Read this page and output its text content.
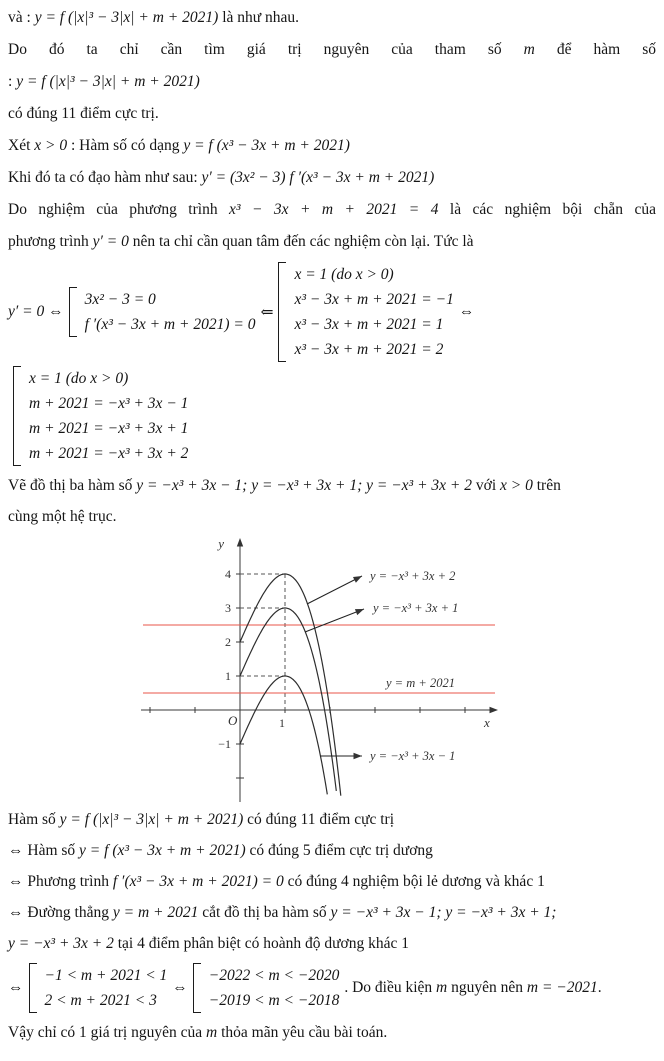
và : y = f (|x|³ − 3|x| + m + 2021) là như nhau.
Do đó ta chỉ cần tìm giá trị nguyên của tham số m để hàm số
: y = f (|x|³ − 3|x| + m + 2021)
có đúng 11 điểm cực trị.
Xét x > 0 : Hàm số có dạng y = f (x³ − 3x + m + 2021)
Khi đó ta có đạo hàm như sau: y′ = (3x² − 3) f ′(x³ − 3x + m + 2021)
Do nghiệm của phương trình x³ − 3x + m + 2021 = 4 là các nghiệm bội chẵn của
phương trình y′ = 0 nên ta chỉ cần quan tâm đến các nghiệm còn lại. Tức là
y′ = 0 ⇔
3x² − 3 = 0
f ′(x³ − 3x + m + 2021) = 0
⇐
x = 1 (do x > 0)
x³ − 3x + m + 2021 = −1
x³ − 3x + m + 2021 = 1
x³ − 3x + m + 2021 = 2
⇔
x = 1 (do x > 0)
m + 2021 = −x³ + 3x − 1
m + 2021 = −x³ + 3x + 1
m + 2021 = −x³ + 3x + 2
Vẽ đồ thị ba hàm số y = −x³ + 3x − 1; y = −x³ + 3x + 1; y = −x³ + 3x + 2 với x > 0 trên
cùng một hệ trục.
1
4
3
2
1
−1
y
x
O
y = −x³ + 3x + 2
y = −x³ + 3x + 1
y = m + 2021
y = −x³ + 3x − 1
Hàm số y = f (|x|³ − 3|x| + m + 2021) có đúng 11 điểm cực trị
⇔ Hàm số y = f (x³ − 3x + m + 2021) có đúng 5 điểm cực trị dương
⇔ Phương trình f ′(x³ − 3x + m + 2021) = 0 có đúng 4 nghiệm bội lẻ dương và khác 1
⇔ Đường thẳng y = m + 2021 cắt đồ thị ba hàm số y = −x³ + 3x − 1; y = −x³ + 3x + 1;
y = −x³ + 3x + 2 tại 4 điểm phân biệt có hoành độ dương khác 1
⇔
−1 < m + 2021 < 1
2 < m + 2021 < 3
⇔
−2022 < m < −2020
−2019 < m < −2018
. Do điều kiện m nguyên nên m = −2021.
Vậy chỉ có 1 giá trị nguyên của m thỏa mãn yêu cầu bài toán.
